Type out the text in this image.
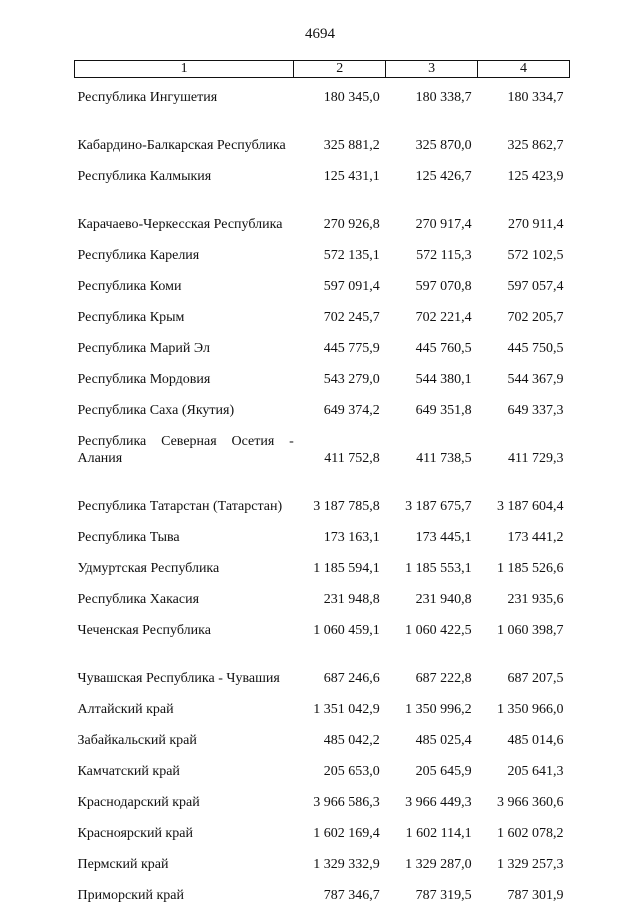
4694
1	2	3	4
Республика Ингушетия	180 345,0	180 338,7	180 334,7
Кабардино-Балкарская Республика	325 881,2	325 870,0	325 862,7
Республика Калмыкия	125 431,1	125 426,7	125 423,9
Карачаево-Черкесская Республика	270 926,8	270 917,4	270 911,4
Республика Карелия	572 135,1	572 115,3	572 102,5
Республика Коми	597 091,4	597 070,8	597 057,4
Республика Крым	702 245,7	702 221,4	702 205,7
Республика Марий Эл	445 775,9	445 760,5	445 750,5
Республика Мордовия	543 279,0	544 380,1	544 367,9
Республика Саха (Якутия)	649 374,2	649 351,8	649 337,3
Республика Северная Осетия - Алания	411 752,8	411 738,5	411 729,3
Республика Татарстан (Татарстан)	3 187 785,8	3 187 675,7	3 187 604,4
Республика Тыва	173 163,1	173 445,1	173 441,2
Удмуртская Республика	1 185 594,1	1 185 553,1	1 185 526,6
Республика Хакасия	231 948,8	231 940,8	231 935,6
Чеченская Республика	1 060 459,1	1 060 422,5	1 060 398,7
Чувашская Республика - Чувашия	687 246,6	687 222,8	687 207,5
Алтайский край	1 351 042,9	1 350 996,2	1 350 966,0
Забайкальский край	485 042,2	485 025,4	485 014,6
Камчатский край	205 653,0	205 645,9	205 641,3
Краснодарский край	3 966 586,3	3 966 449,3	3 966 360,6
Красноярский край	1 602 169,4	1 602 114,1	1 602 078,2
Пермский край	1 329 332,9	1 329 287,0	1 329 257,3
Приморский край	787 346,7	787 319,5	787 301,9
